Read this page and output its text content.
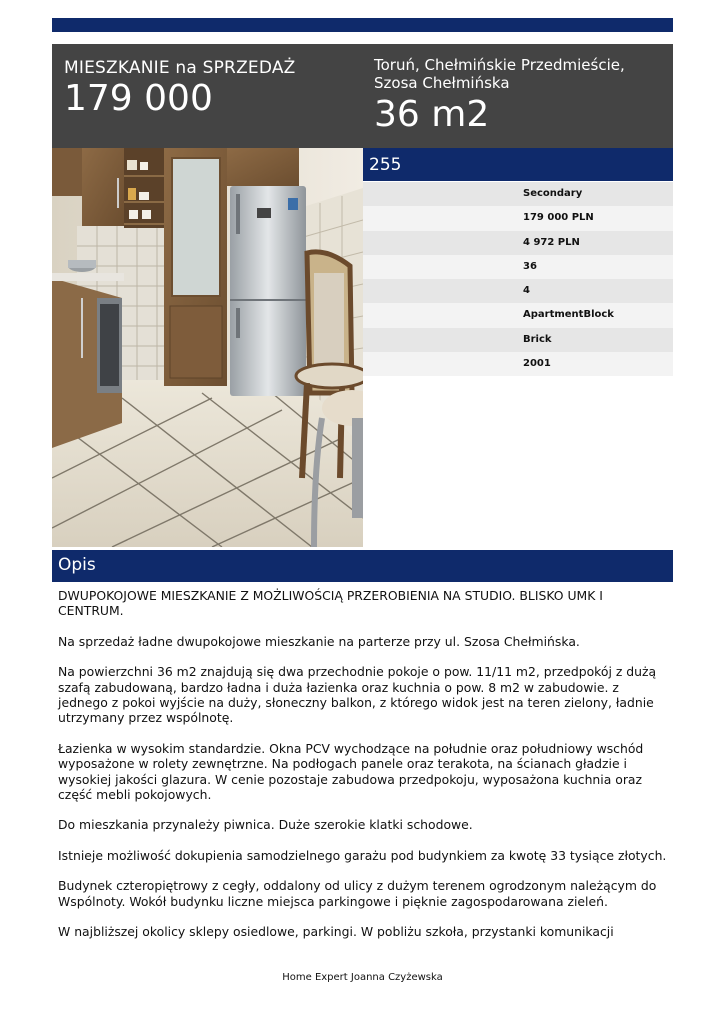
MIESZKANIE na SPRZEDAŻ
179 000
Toruń, Chełmińskie Przedmieście, Szosa Chełmińska
36 m2
255
Secondary
179 000 PLN
4 972 PLN
36
4
ApartmentBlock
Brick
2001
Opis

DWUPOKOJOWE MIESZKANIE Z MOŻLIWOŚCIĄ PRZEROBIENIA NA STUDIO. BLISKO UMK I CENTRUM.

Na sprzedaż ładne dwupokojowe mieszkanie na parterze przy ul. Szosa Chełmińska.

Na powierzchni 36 m2 znajdują się dwa przechodnie pokoje o pow. 11/11 m2, przedpokój z dużą szafą zabudowaną, bardzo ładna i duża łazienka oraz kuchnia o pow. 8 m2 w zabudowie. z jednego z pokoi wyjście na duży, słoneczny balkon, z którego widok jest na teren zielony, ładnie utrzymany przez wspólnotę.

Łazienka w wysokim standardzie. Okna PCV wychodzące na południe oraz południowy wschód wyposażone w rolety zewnętrzne. Na podłogach panele oraz terakota, na ścianach gładzie i wysokiej jakości glazura. W cenie pozostaje zabudowa przedpokoju, wyposażona kuchnia oraz część mebli pokojowych.

Do mieszkania przynależy piwnica. Duże szerokie klatki schodowe.

Istnieje możliwość dokupienia samodzielnego garażu pod budynkiem za kwotę 33 tysiące złotych.

Budynek czteropiętrowy z cegły, oddalony od ulicy z dużym terenem ogrodzonym należącym do Wspólnoty. Wokół budynku liczne miejsca parkingowe i pięknie zagospodarowana zieleń.

W najbliższej okolicy sklepy osiedlowe, parkingi. W pobliżu szkoła, przystanki komunikacji

Home Expert Joanna Czyżewska
